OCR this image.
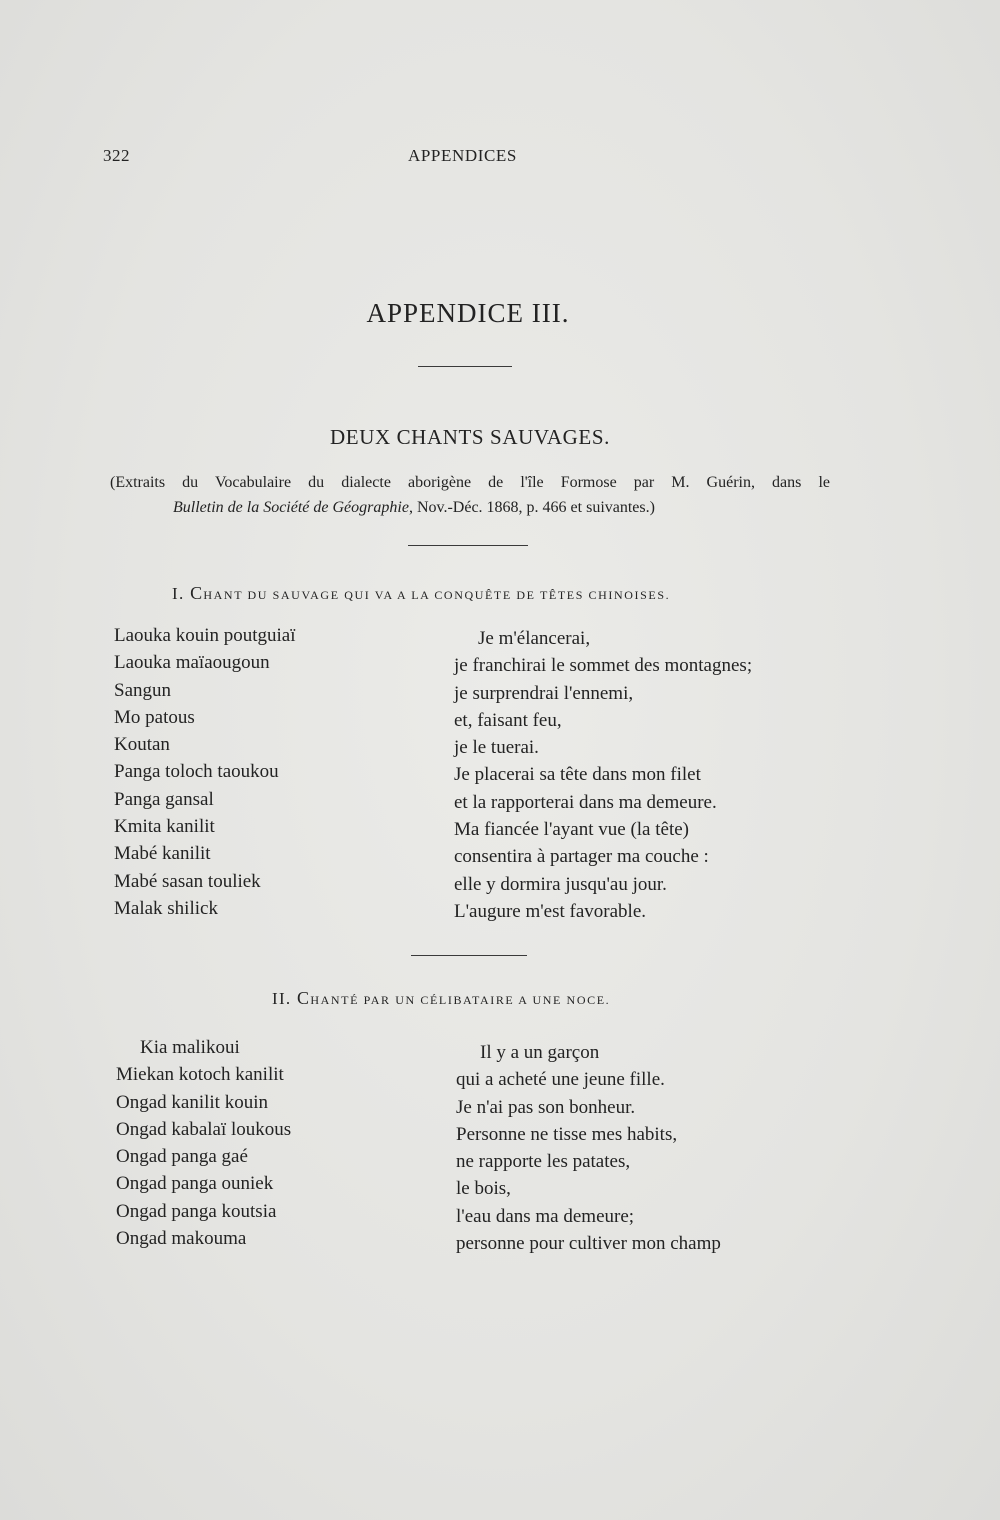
322	APPENDICES
APPENDICE III.
DEUX CHANTS SAUVAGES.
(Extraits du Vocabulaire du dialecte aborigène de l'île Formose par M. Guérin, dans le
Bulletin de la Société de Géographie, Nov.-Déc. 1868, p. 466 et suivantes.)
I. CHANT DU SAUVAGE QUI VA A LA CONQUÊTE DE TÊTES CHINOISES.
Laouka kouin poutguiaï
Laouka maïaougoun
Sangun
Mo patous
Koutan
Panga toloch taoukou
Panga gansal
Kmita kanilit
Mabé kanilit
Mabé sasan touliek
Malak shilick
Je m'élancerai,
je franchirai le sommet des montagnes;
je surprendrai l'ennemi,
et, faisant feu,
je le tuerai.
Je placerai sa tête dans mon filet
et la rapporterai dans ma demeure.
Ma fiancée l'ayant vue (la tête)
consentira à partager ma couche :
elle y dormira jusqu'au jour.
L'augure m'est favorable.
II. CHANTÉ PAR UN CÉLIBATAIRE A UNE NOCE.
Kia malikoui
Miekan kotoch kanilit
Ongad kanilit kouin
Ongad kabalaï loukous
Ongad panga gaé
Ongad panga ouniek
Ongad panga koutsia
Ongad makouma
Il y a un garçon
qui a acheté une jeune fille.
Je n'ai pas son bonheur.
Personne ne tisse mes habits,
ne rapporte les patates,
le bois,
l'eau dans ma demeure;
personne pour cultiver mon champ
